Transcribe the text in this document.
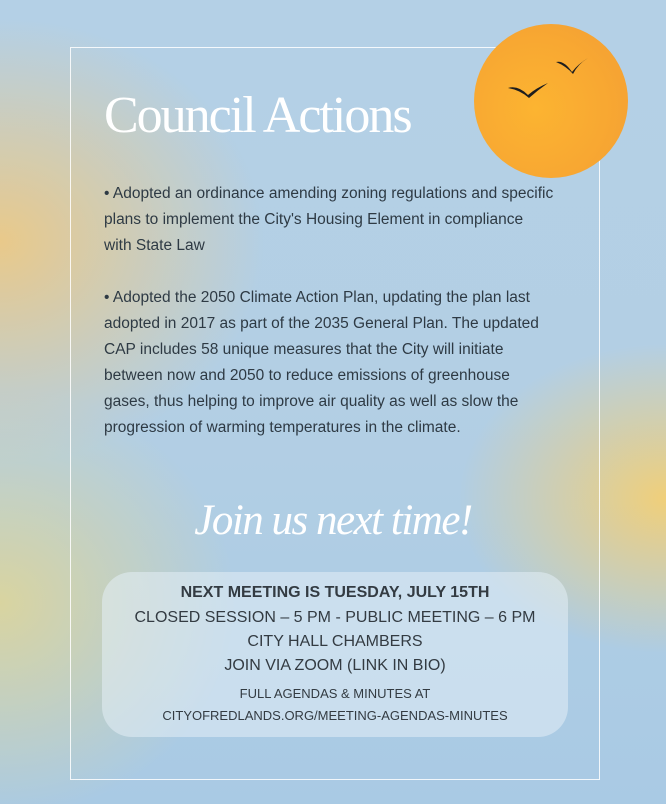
Council Actions

• Adopted an ordinance amending zoning regulations and specific plans to implement the City's Housing Element in compliance with State Law

• Adopted the 2050 Climate Action Plan, updating the plan last adopted in 2017 as part of the 2035 General Plan. The updated CAP includes 58 unique measures that the City will initiate between now and 2050 to reduce emissions of greenhouse gases, thus helping to improve air quality as well as slow the progression of warming temperatures in the climate.

Join us next time!
NEXT MEETING IS TUESDAY, JULY 15TH
CLOSED SESSION – 5 PM - PUBLIC MEETING – 6 PM
CITY HALL CHAMBERS
JOIN VIA ZOOM (LINK IN BIO)
FULL AGENDAS & MINUTES AT
CITYOFREDLANDS.ORG/MEETING-AGENDAS-MINUTES
